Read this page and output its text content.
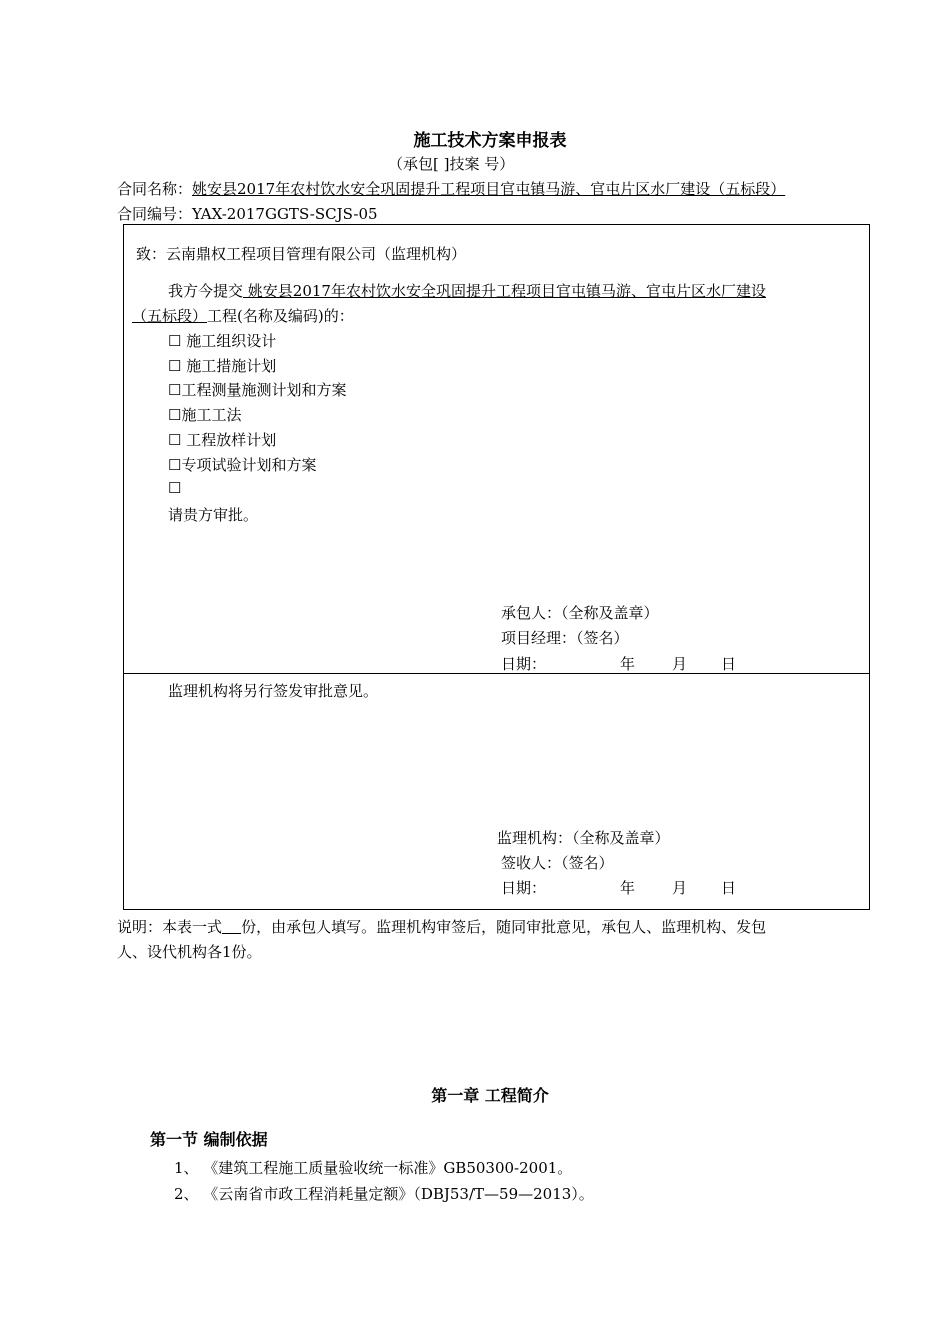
施工技术方案申报表
（承包[ ]技案 号）
合同名称：姚安县2017年农村饮水安全巩固提升工程项目官屯镇马游、官屯片区水厂建设（五标段）
合同编号：YAX-2017GGTS-SCJS-05
致：云南鼎权工程项目管理有限公司（监理机构）
我方今提交 姚安县2017年农村饮水安全巩固提升工程项目官屯镇马游、官屯片区水厂建设
（五标段）工程(名称及编码)的：
☐ 施工组织设计
☐ 施工措施计划
☐工程测量施测计划和方案
☐施工工法
☐ 工程放样计划
☐专项试验计划和方案
☐
请贵方审批。
承包人：（全称及盖章）
项目经理：（签名）
日期：	年 月 日
监理机构将另行签发审批意见。
监理机构：（全称及盖章）
签收人：（签名）
日期：	年 月 日
说明：本表一式 份，由承包人填写。监理机构审签后，随同审批意见，承包人、监理机构、发包
人、设代机构各1份。
第一章 工程简介
第一节 编制依据
1、 《建筑工程施工质量验收统一标准》GB50300-2001。
2、 《云南省市政工程消耗量定额》（DBJ53/T—59—2013）。
